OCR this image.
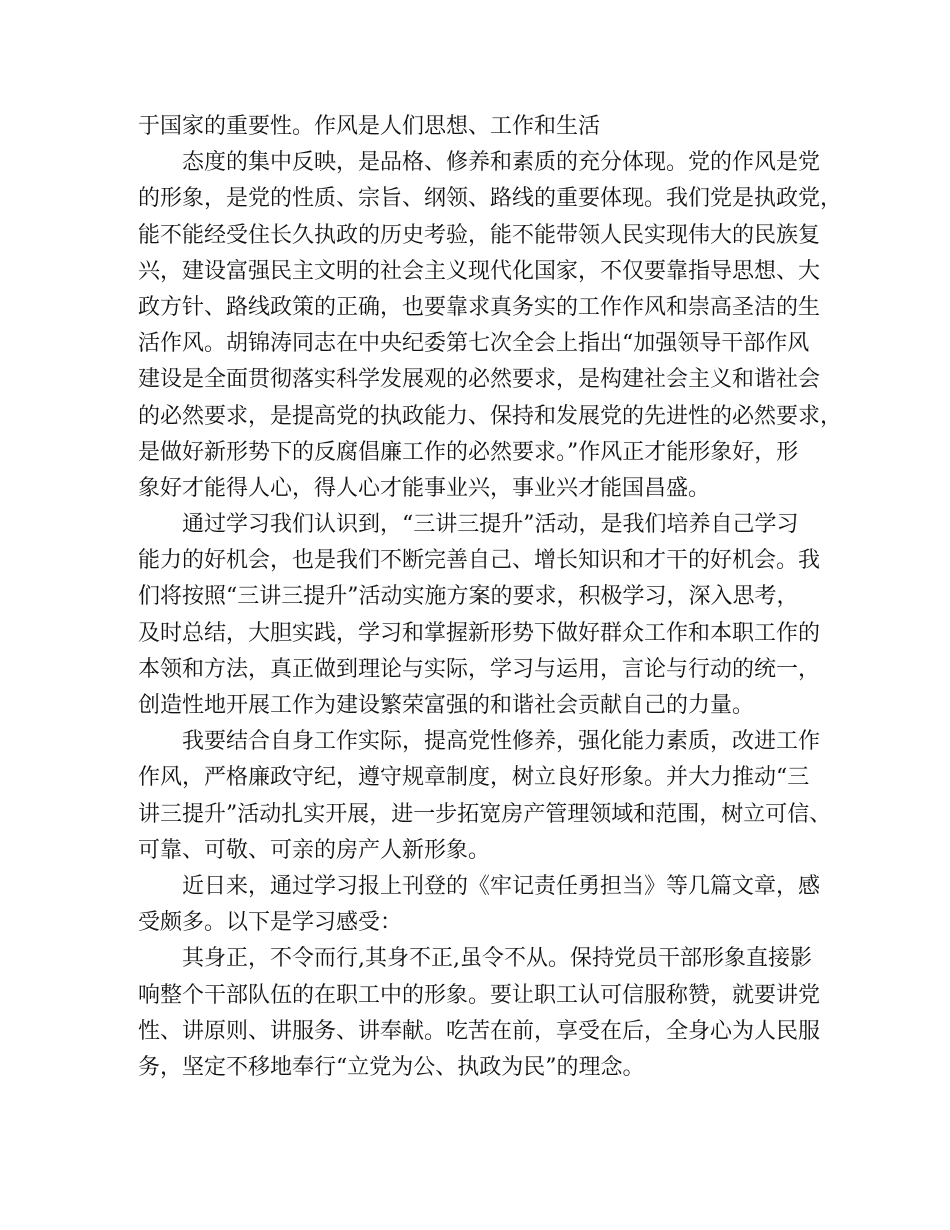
于国家的重要性。作风是人们思想、工作和生活
态度的集中反映，是品格、修养和素质的充分体现。党的作风是党
的形象，是党的性质、宗旨、纲领、路线的重要体现。我们党是执政党，
能不能经受住长久执政的历史考验，能不能带领人民实现伟大的民族复
兴，建设富强民主文明的社会主义现代化国家，不仅要靠指导思想、大
政方针、路线政策的正确，也要靠求真务实的工作作风和崇高圣洁的生
活作风。胡锦涛同志在中央纪委第七次全会上指出“加强领导干部作风
建设是全面贯彻落实科学发展观的必然要求，是构建社会主义和谐社会
的必然要求，是提高党的执政能力、保持和发展党的先进性的必然要求，
是做好新形势下的反腐倡廉工作的必然要求。”作风正才能形象好，形
象好才能得人心，得人心才能事业兴，事业兴才能国昌盛。
通过学习我们认识到，“三讲三提升”活动，是我们培养自己学习
能力的好机会，也是我们不断完善自己、增长知识和才干的好机会。我
们将按照“三讲三提升”活动实施方案的要求，积极学习，深入思考，
及时总结，大胆实践，学习和掌握新形势下做好群众工作和本职工作的
本领和方法，真正做到理论与实际，学习与运用，言论与行动的统一，
创造性地开展工作为建设繁荣富强的和谐社会贡献自己的力量。
我要结合自身工作实际，提高党性修养，强化能力素质，改进工作
作风，严格廉政守纪，遵守规章制度，树立良好形象。并大力推动“三
讲三提升”活动扎实开展，进一步拓宽房产管理领域和范围，树立可信、
可靠、可敬、可亲的房产人新形象。
近日来，通过学习报上刊登的《牢记责任勇担当》等几篇文章，感
受颇多。以下是学习感受：
其身正，不令而行,其身不正,虽令不从。保持党员干部形象直接影
响整个干部队伍的在职工中的形象。要让职工认可信服称赞，就要讲党
性、讲原则、讲服务、讲奉献。吃苦在前，享受在后，全身心为人民服
务，坚定不移地奉行“立党为公、执政为民”的理念。
